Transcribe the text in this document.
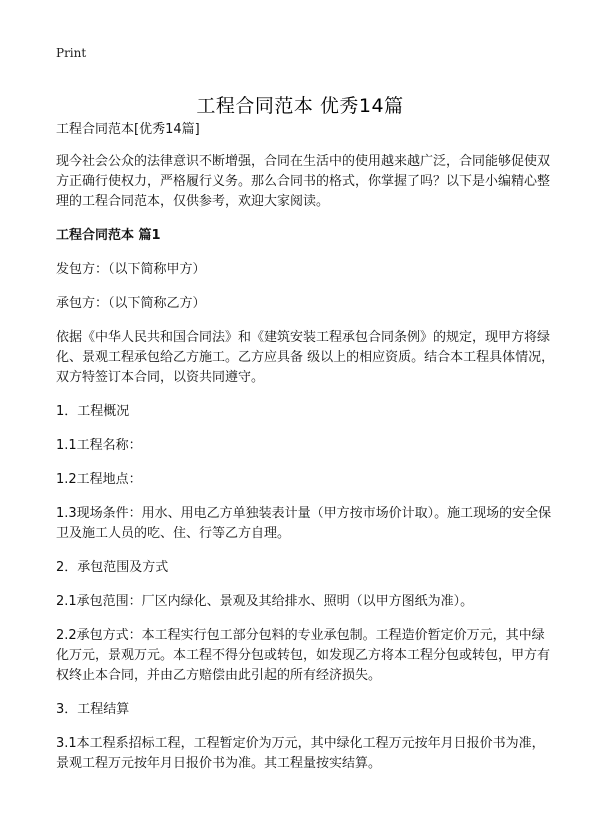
Print
工程合同范本 优秀14篇

工程合同范本[优秀14篇]

现今社会公众的法律意识不断增强，合同在生活中的使用越来越广泛，合同能够促使双方正确行使权力，严格履行义务。那么合同书的格式，你掌握了吗？以下是小编精心整理的工程合同范本，仅供参考，欢迎大家阅读。

工程合同范本 篇1

发包方：（以下简称甲方）

承包方：（以下简称乙方）

依据《中华人民共和国合同法》和《建筑安装工程承包合同条例》的规定，现甲方将绿化、景观工程承包给乙方施工。乙方应具备 级以上的相应资质。结合本工程具体情况，双方特签订本合同，以资共同遵守。

1．工程概况

1.1工程名称：

1.2工程地点：

1.3现场条件：用水、用电乙方单独装表计量（甲方按市场价计取）。施工现场的安全保卫及施工人员的吃、住、行等乙方自理。

2．承包范围及方式

2.1承包范围：厂区内绿化、景观及其给排水、照明（以甲方图纸为准）。

2.2承包方式：本工程实行包工部分包料的专业承包制。工程造价暂定价万元，其中绿化万元，景观万元。本工程不得分包或转包，如发现乙方将本工程分包或转包，甲方有权终止本合同，并由乙方赔偿由此引起的所有经济损失。

3．工程结算

3.1本工程系招标工程，工程暂定价为万元，其中绿化工程万元按年月日报价书为准，景观工程万元按年月日报价书为准。其工程量按实结算。
